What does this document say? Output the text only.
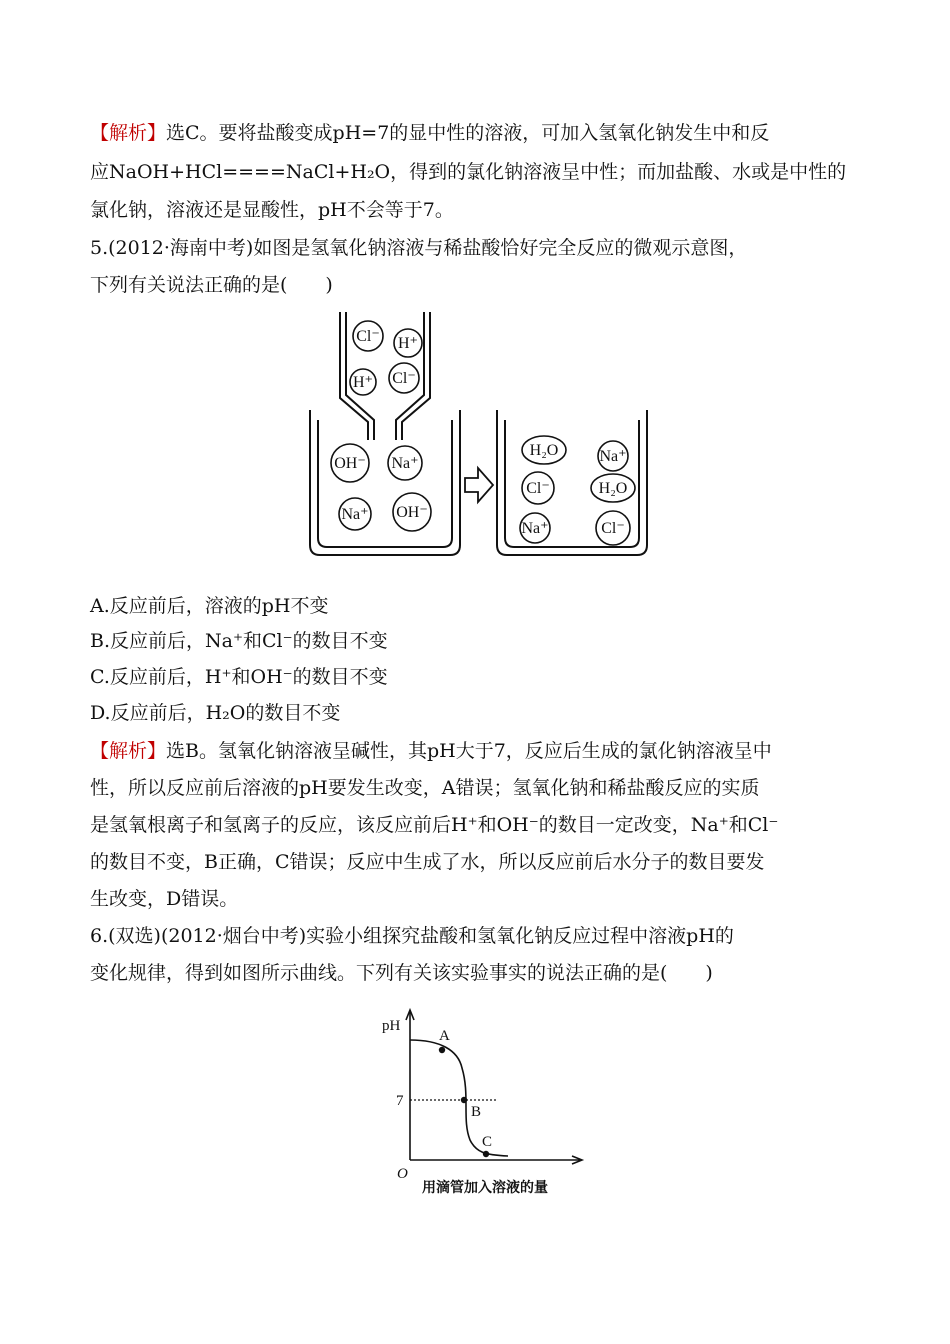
【解析】选C。要将盐酸变成pH=7的显中性的溶液，可加入氢氧化钠发生中和反
应NaOH+HCl====NaCl+H₂O，得到的氯化钠溶液呈中性；而加盐酸、水或是中性的
氯化钠，溶液还是显酸性，pH不会等于7。
5.(2012·海南中考)如图是氢氧化钠溶液与稀盐酸恰好完全反应的微观示意图，
下列有关说法正确的是(　　)
Cl⁻ H⁺
H⁺ Cl⁻
OH⁻ Na⁺
Na⁺ OH⁻
H₂O	Na⁺
Cl⁻	H₂O
Na⁺	Cl⁻
A.反应前后，溶液的pH不变
B.反应前后，Na⁺和Cl⁻的数目不变
C.反应前后，H⁺和OH⁻的数目不变
D.反应前后，H₂O的数目不变
【解析】选B。氢氧化钠溶液呈碱性，其pH大于7，反应后生成的氯化钠溶液呈中
性，所以反应前后溶液的pH要发生改变，A错误；氢氧化钠和稀盐酸反应的实质
是氢氧根离子和氢离子的反应，该反应前后H⁺和OH⁻的数目一定改变，Na⁺和Cl⁻
的数目不变，B正确，C错误；反应中生成了水，所以反应前后水分子的数目要发
生改变，D错误。
6.(双选)(2012·烟台中考)实验小组探究盐酸和氢氧化钠反应过程中溶液pH的
变化规律，得到如图所示曲线。下列有关该实验事实的说法正确的是(　　)
pH
7
O
A
B
C
用滴管加入溶液的量
